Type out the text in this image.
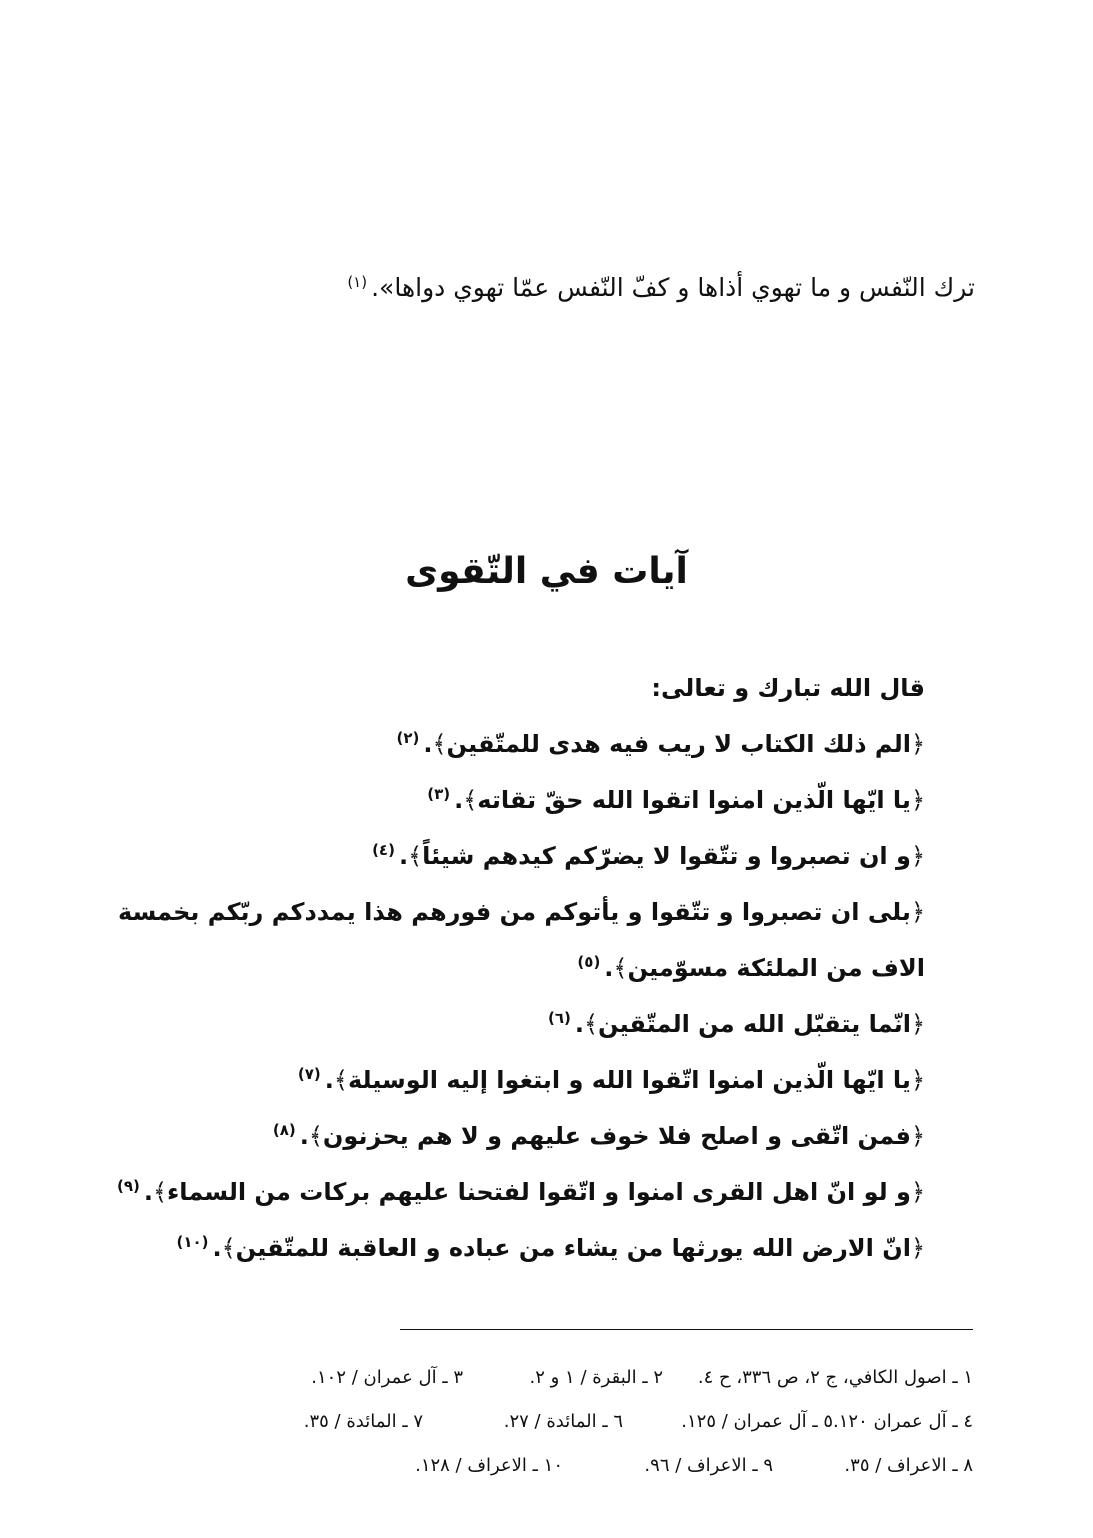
ترك النّفس و ما تهوي أذاها و كفّ النّفس عمّا تهوي دواها».$^{(١)}$
آيات في التّقوى
قال الله تبارك و تعالى:
﴿الم ذلك الكتاب لا ريب فيه هدى للمتّقين﴾.$^{(٢)}$
﴿يا ايّها الّذين امنوا اتقوا الله حقّ تقاته﴾.$^{(٣)}$
﴿و ان تصبروا و تتّقوا لا يضرّكم كيدهم شيئاً﴾.$^{(٤)}$
﴿بلى ان تصبروا و تتّقوا و يأتوكم من فورهم هذا يمددكم ربّكم بخمسة الاف من الملئكة مسوّمين﴾.$^{(٥)}$
﴿انّما يتقبّل الله من المتّقين﴾.$^{(٦)}$
﴿يا ايّها الّذين امنوا اتّقوا الله و ابتغوا إليه الوسيلة﴾.$^{(٧)}$
﴿فمن اتّقى و اصلح فلا خوف عليهم و لا هم يحزنون﴾.$^{(٨)}$
﴿و لو انّ اهل القرى امنوا و اتّقوا لفتحنا عليهم بركات من السماء﴾.$^{(٩)}$
﴿انّ الارض الله يورثها من يشاء من عباده و العاقبة للمتّقين﴾.$^{(١٠)}$
١ ـ اصول الكافي، ج ٢، ص ٣٣٦، ح ٤.
٢ ـ البقرة / ١ و ٢.
٣ ـ آل عمران / ١٠٢.
٤ ـ آل عمران ١٢٠.
٥ ـ آل عمران / ١٢٥.
٦ ـ المائدة / ٢٧.
٧ ـ المائدة / ٣٥.
٨ ـ الاعراف / ٣٥.
٩ ـ الاعراف / ٩٦.
١٠ ـ الاعراف / ١٢٨.
